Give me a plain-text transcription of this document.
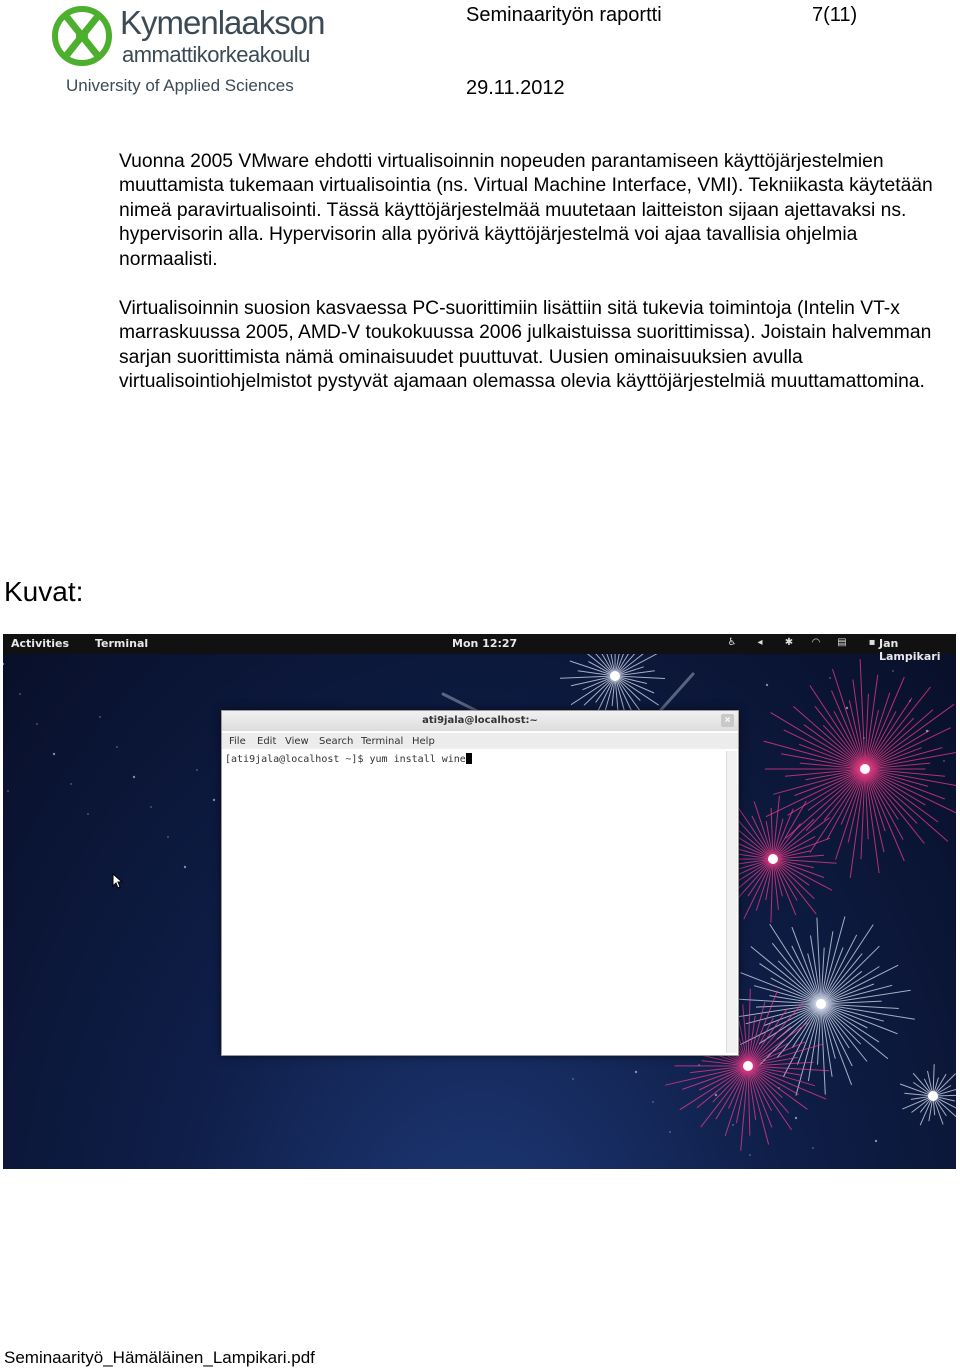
Kymenlaakson
ammattikorkeakoulu
University of Applied Sciences
Seminaarityön raportti	7(11)
29.11.2012
Vuonna 2005 VMware ehdotti virtualisoinnin nopeuden parantamiseen käyttöjärjestelmien muuttamista tukemaan virtualisointia (ns. Virtual Machine Interface, VMI). Tekniikasta käytetään nimeä paravirtualisointi. Tässä käyttöjärjestelmää muutetaan laitteiston sijaan ajettavaksi ns. hypervisorin alla. Hypervisorin alla pyörivä käyttöjärjestelmä voi ajaa tavallisia ohjelmia normaalisti.
Virtualisoinnin suosion kasvaessa PC-suorittimiin lisättiin sitä tukevia toimintoja (Intelin VT-x marraskuussa 2005, AMD-V toukokuussa 2006 julkaistuissa suorittimissa). Joistain halvemman sarjan suorittimista nämä ominaisuudet puuttuvat. Uusien ominaisuuksien avulla virtualisointiohjelmistot pystyvät ajamaan olemassa olevia käyttöjärjestelmiä muuttamattomina.
Kuvat:
Activities Terminal	Mon 12:27	♿ ◂ ✱ ◠ ▤ ▪ Jan Lampikari
ati9jala@localhost:~	×
File Edit View Search Terminal Help
[ati9jala@localhost ~]$ yum install wine
Seminaarityö_Hämäläinen_Lampikari.pdf
